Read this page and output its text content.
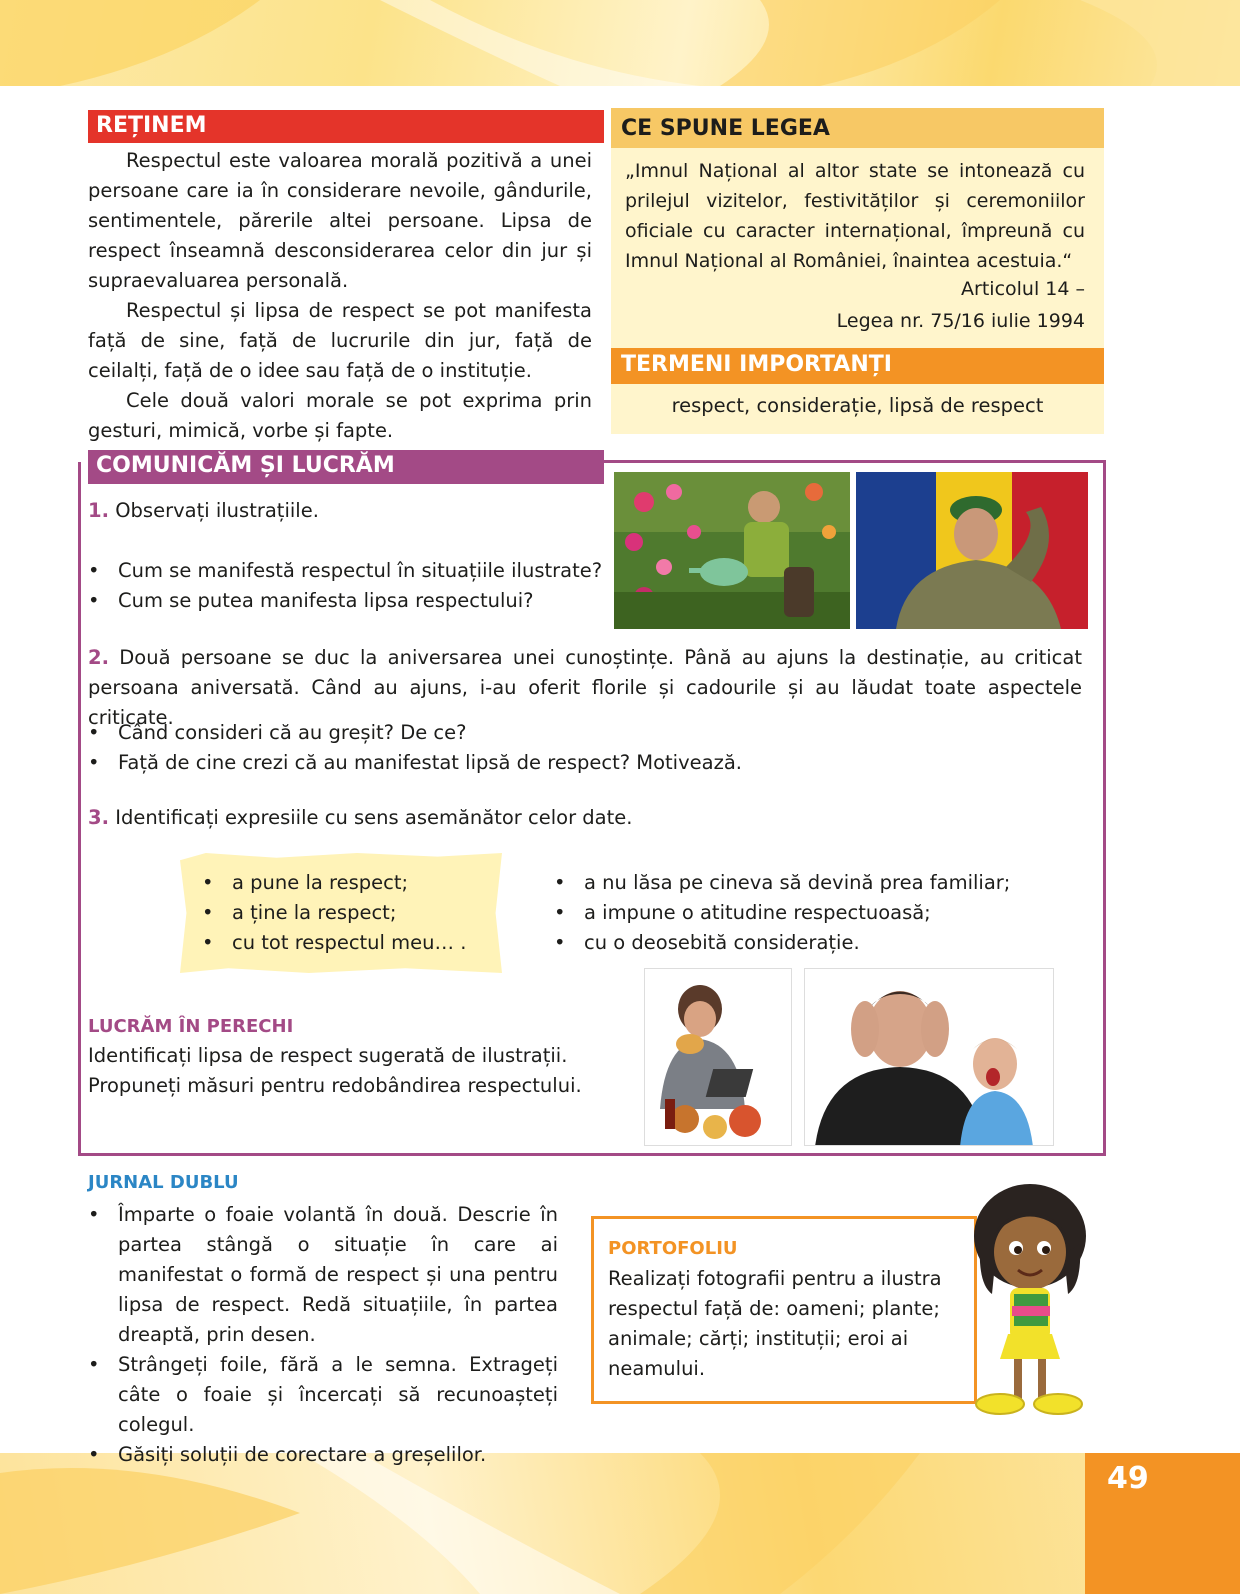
49
REȚINEM

Respectul este valoarea morală pozitivă a unei persoane care ia în considerare nevoile, gândurile, sentimentele, părerile altei persoane. Lipsa de respect înseamnă desconsiderarea celor din jur și supraevaluarea personală.

Respectul și lipsa de respect se pot manifesta față de sine, față de lucrurile din jur, față de ceilalți, față de o idee sau față de o instituție.

Cele două valori morale se pot exprima prin gesturi, mimică, vorbe și fapte.

CE SPUNE LEGEA
„Imnul Național al altor state se intonează cu prilejul vizitelor, festivităților și ceremoniilor oficiale cu caracter internațional, împreună cu Imnul Național al României, înaintea acestuia.“
Articolul 14 –
Legea nr. 75/16 iulie 1994
TERMENI IMPORTANȚI
respect, considerație, lipsă de respect
COMUNICĂM ȘI LUCRĂM
1. Observați ilustrațiile.
• Cum se manifestă respectul în situațiile ilustrate?
• Cum se putea manifesta lipsa respectului?
2. Două persoane se duc la aniversarea unei cunoștințe. Până au ajuns la destinație, au criticat persoana aniversată. Când au ajuns, i-au oferit florile și cadourile și au lăudat toate aspectele criticate.
• Când consideri că au greșit? De ce?
• Față de cine crezi că au manifestat lipsă de respect? Motivează.
3. Identificați expresiile cu sens asemănător celor date.
• a pune la respect;
• a ține la respect;
• cu tot respectul meu… .
• a nu lăsa pe cineva să devină prea familiar;
• a impune o atitudine respectuoasă;
• cu o deosebită considerație.
LUCRĂM ÎN PERECHI
Identificați lipsa de respect sugerată de ilustrații.
Propuneți măsuri pentru redobândirea respectului.
JURNAL DUBLU
• Împarte o foaie volantă în două. Descrie în partea stângă o situație în care ai manifestat o formă de respect și una pentru lipsa de respect. Redă situațiile, în partea dreaptă, prin desen.
• Strângeți foile, fără a le semna. Extrageți câte o foaie și încercați să recunoașteți colegul.
• Găsiți soluții de corectare a greșelilor.
PORTOFOLIU
Realizați fotografii pentru a ilustra respectul față de: oameni; plante; animale; cărți; instituții; eroi ai neamului.
